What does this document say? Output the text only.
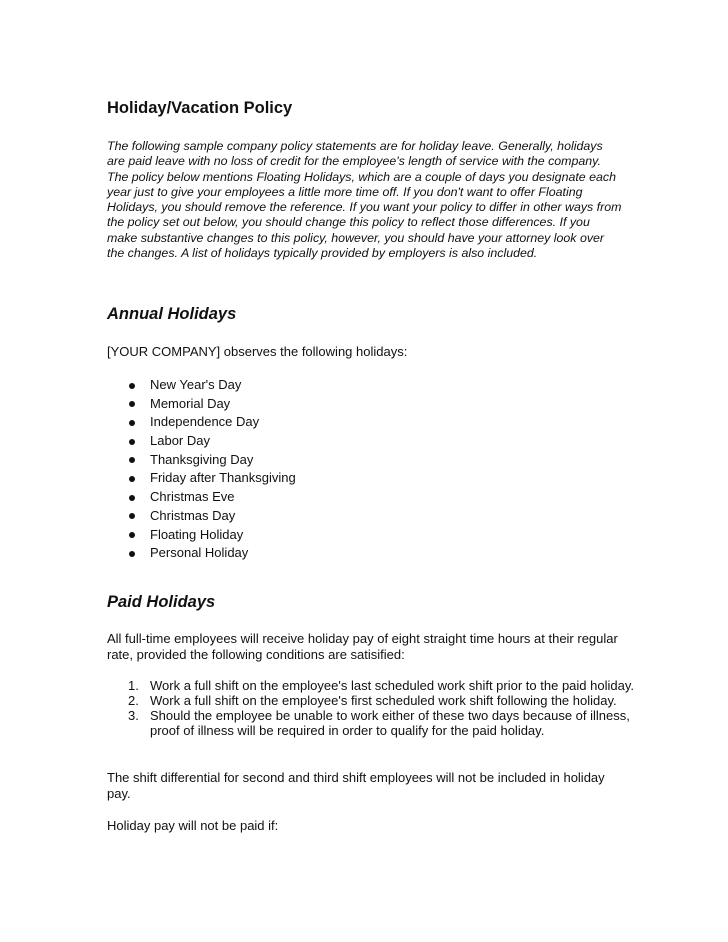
Holiday/Vacation Policy

The following sample company policy statements are for holiday leave. Generally, holidays are paid leave with no loss of credit for the employee's length of service with the company. The policy below mentions Floating Holidays, which are a couple of days you designate each year just to give your employees a little more time off. If you don't want to offer Floating Holidays, you should remove the reference. If you want your policy to differ in other ways from the policy set out below, you should change this policy to reflect those differences. If you make substantive changes to this policy, however, you should have your attorney look over the changes. A list of holidays typically provided by employers is also included.

Annual Holidays

[YOUR COMPANY] observes the following holidays:

New Year's Day
Memorial Day
Independence Day
Labor Day
Thanksgiving Day
Friday after Thanksgiving
Christmas Eve
Christmas Day
Floating Holiday
Personal Holiday
Paid Holidays

All full-time employees will receive holiday pay of eight straight time hours at their regular rate, provided the following conditions are satisified:

1. Work a full shift on the employee's last scheduled work shift prior to the paid holiday.
2. Work a full shift on the employee's first scheduled work shift following the holiday.
3. Should the employee be unable to work either of these two days because of illness, proof of illness will be required in order to qualify for the paid holiday.

The shift differential for second and third shift employees will not be included in holiday pay.

Holiday pay will not be paid if:
